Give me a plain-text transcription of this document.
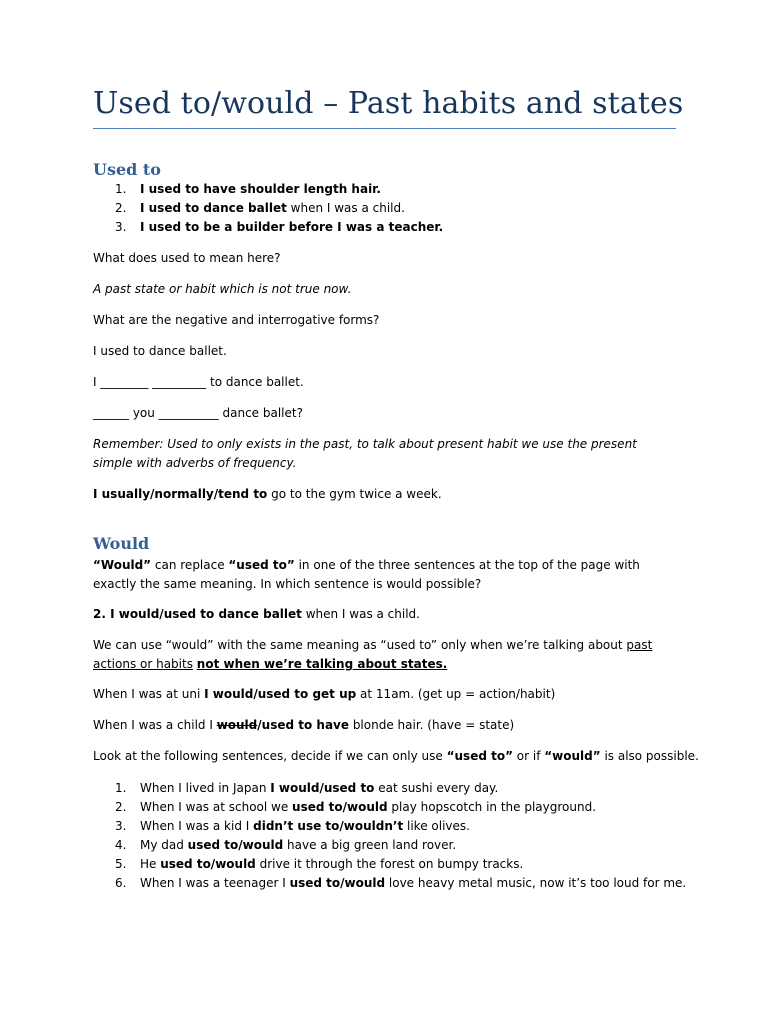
Used to/would – Past habits and states
Used to
1. I used to have shoulder length hair.
2. I used to dance ballet when I was a child.
3. I used to be a builder before I was a teacher.

What does used to mean here?

A past state or habit which is not true now.

What are the negative and interrogative forms?

I used to dance ballet.

I ________ _________ to dance ballet.

______ you __________ dance ballet?

Remember: Used to only exists in the past, to talk about present habit we use the present simple with adverbs of frequency.

I usually/normally/tend to go to the gym twice a week.

Would

“Would” can replace “used to” in one of the three sentences at the top of the page with exactly the same meaning. In which sentence is would possible?

2. I would/used to dance ballet when I was a child.

We can use “would” with the same meaning as “used to” only when we’re talking about past actions or habits not when we’re talking about states.

When I was at uni I would/used to get up at 11am. (get up = action/habit)

When I was a child I would/used to have blonde hair. (have = state)

Look at the following sentences, decide if we can only use “used to” or if “would” is also possible.

1. When I lived in Japan I would/used to eat sushi every day.
2. When I was at school we used to/would play hopscotch in the playground.
3. When I was a kid I didn’t use to/wouldn’t like olives.
4. My dad used to/would have a big green land rover.
5. He used to/would drive it through the forest on bumpy tracks.
6. When I was a teenager I used to/would love heavy metal music, now it’s too loud for me.
